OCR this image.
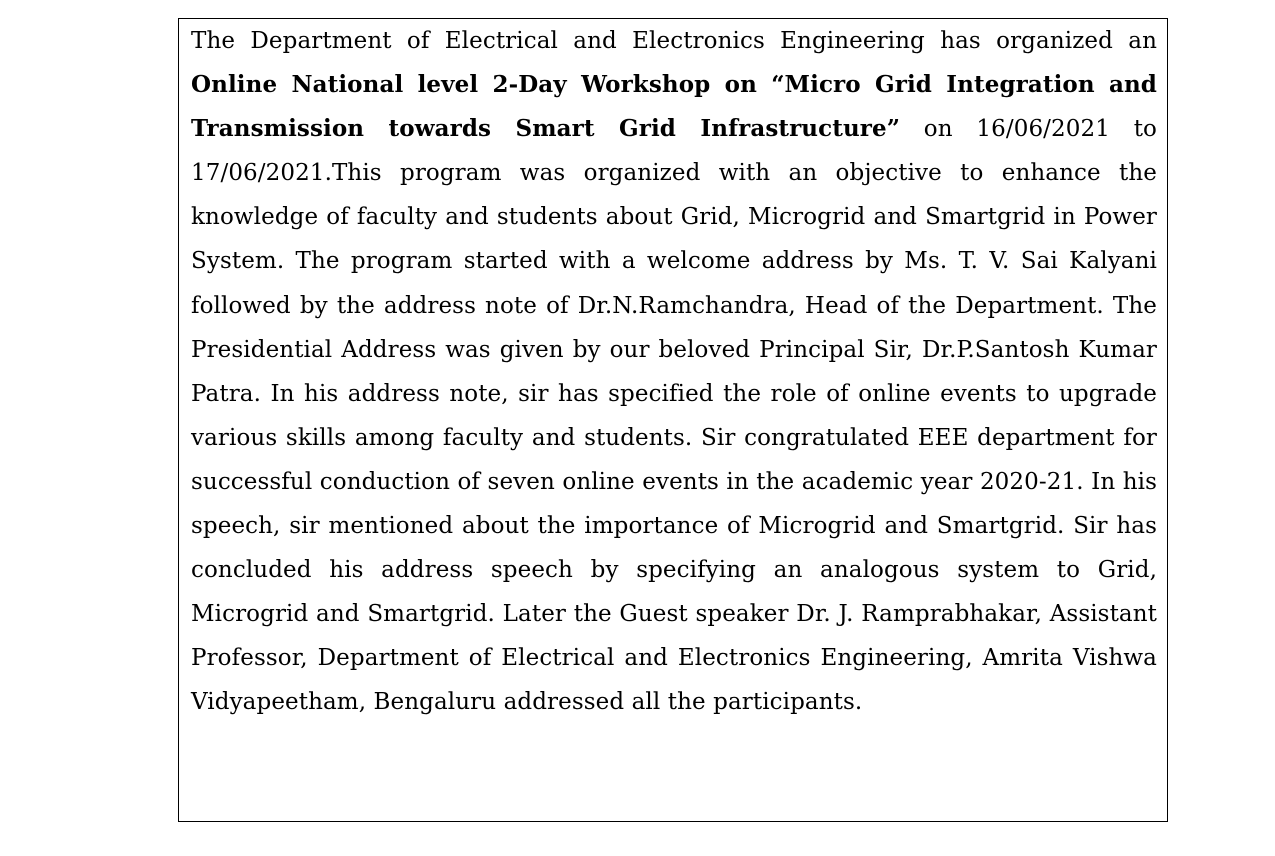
The Department of Electrical and Electronics Engineering has organized an Online National level 2-Day Workshop on “Micro Grid Integration and Transmission towards Smart Grid Infrastructure” on 16/06/2021 to 17/06/2021.This program was organized with an objective to enhance the knowledge of faculty and students about Grid, Microgrid and Smartgrid in Power System. The program started with a welcome address by Ms. T. V. Sai Kalyani followed by the address note of Dr.N.Ramchandra, Head of the Department. The Presidential Address was given by our beloved Principal Sir, Dr.P.Santosh Kumar Patra. In his address note, sir has specified the role of online events to upgrade various skills among faculty and students. Sir congratulated EEE department for successful conduction of seven online events in the academic year 2020-21. In his speech, sir mentioned about the importance of Microgrid and Smartgrid. Sir has concluded his address speech by specifying an analogous system to Grid, Microgrid and Smartgrid. Later the Guest speaker Dr. J. Ramprabhakar, Assistant Professor, Department of Electrical and Electronics Engineering, Amrita Vishwa Vidyapeetham, Bengaluru addressed all the participants.
